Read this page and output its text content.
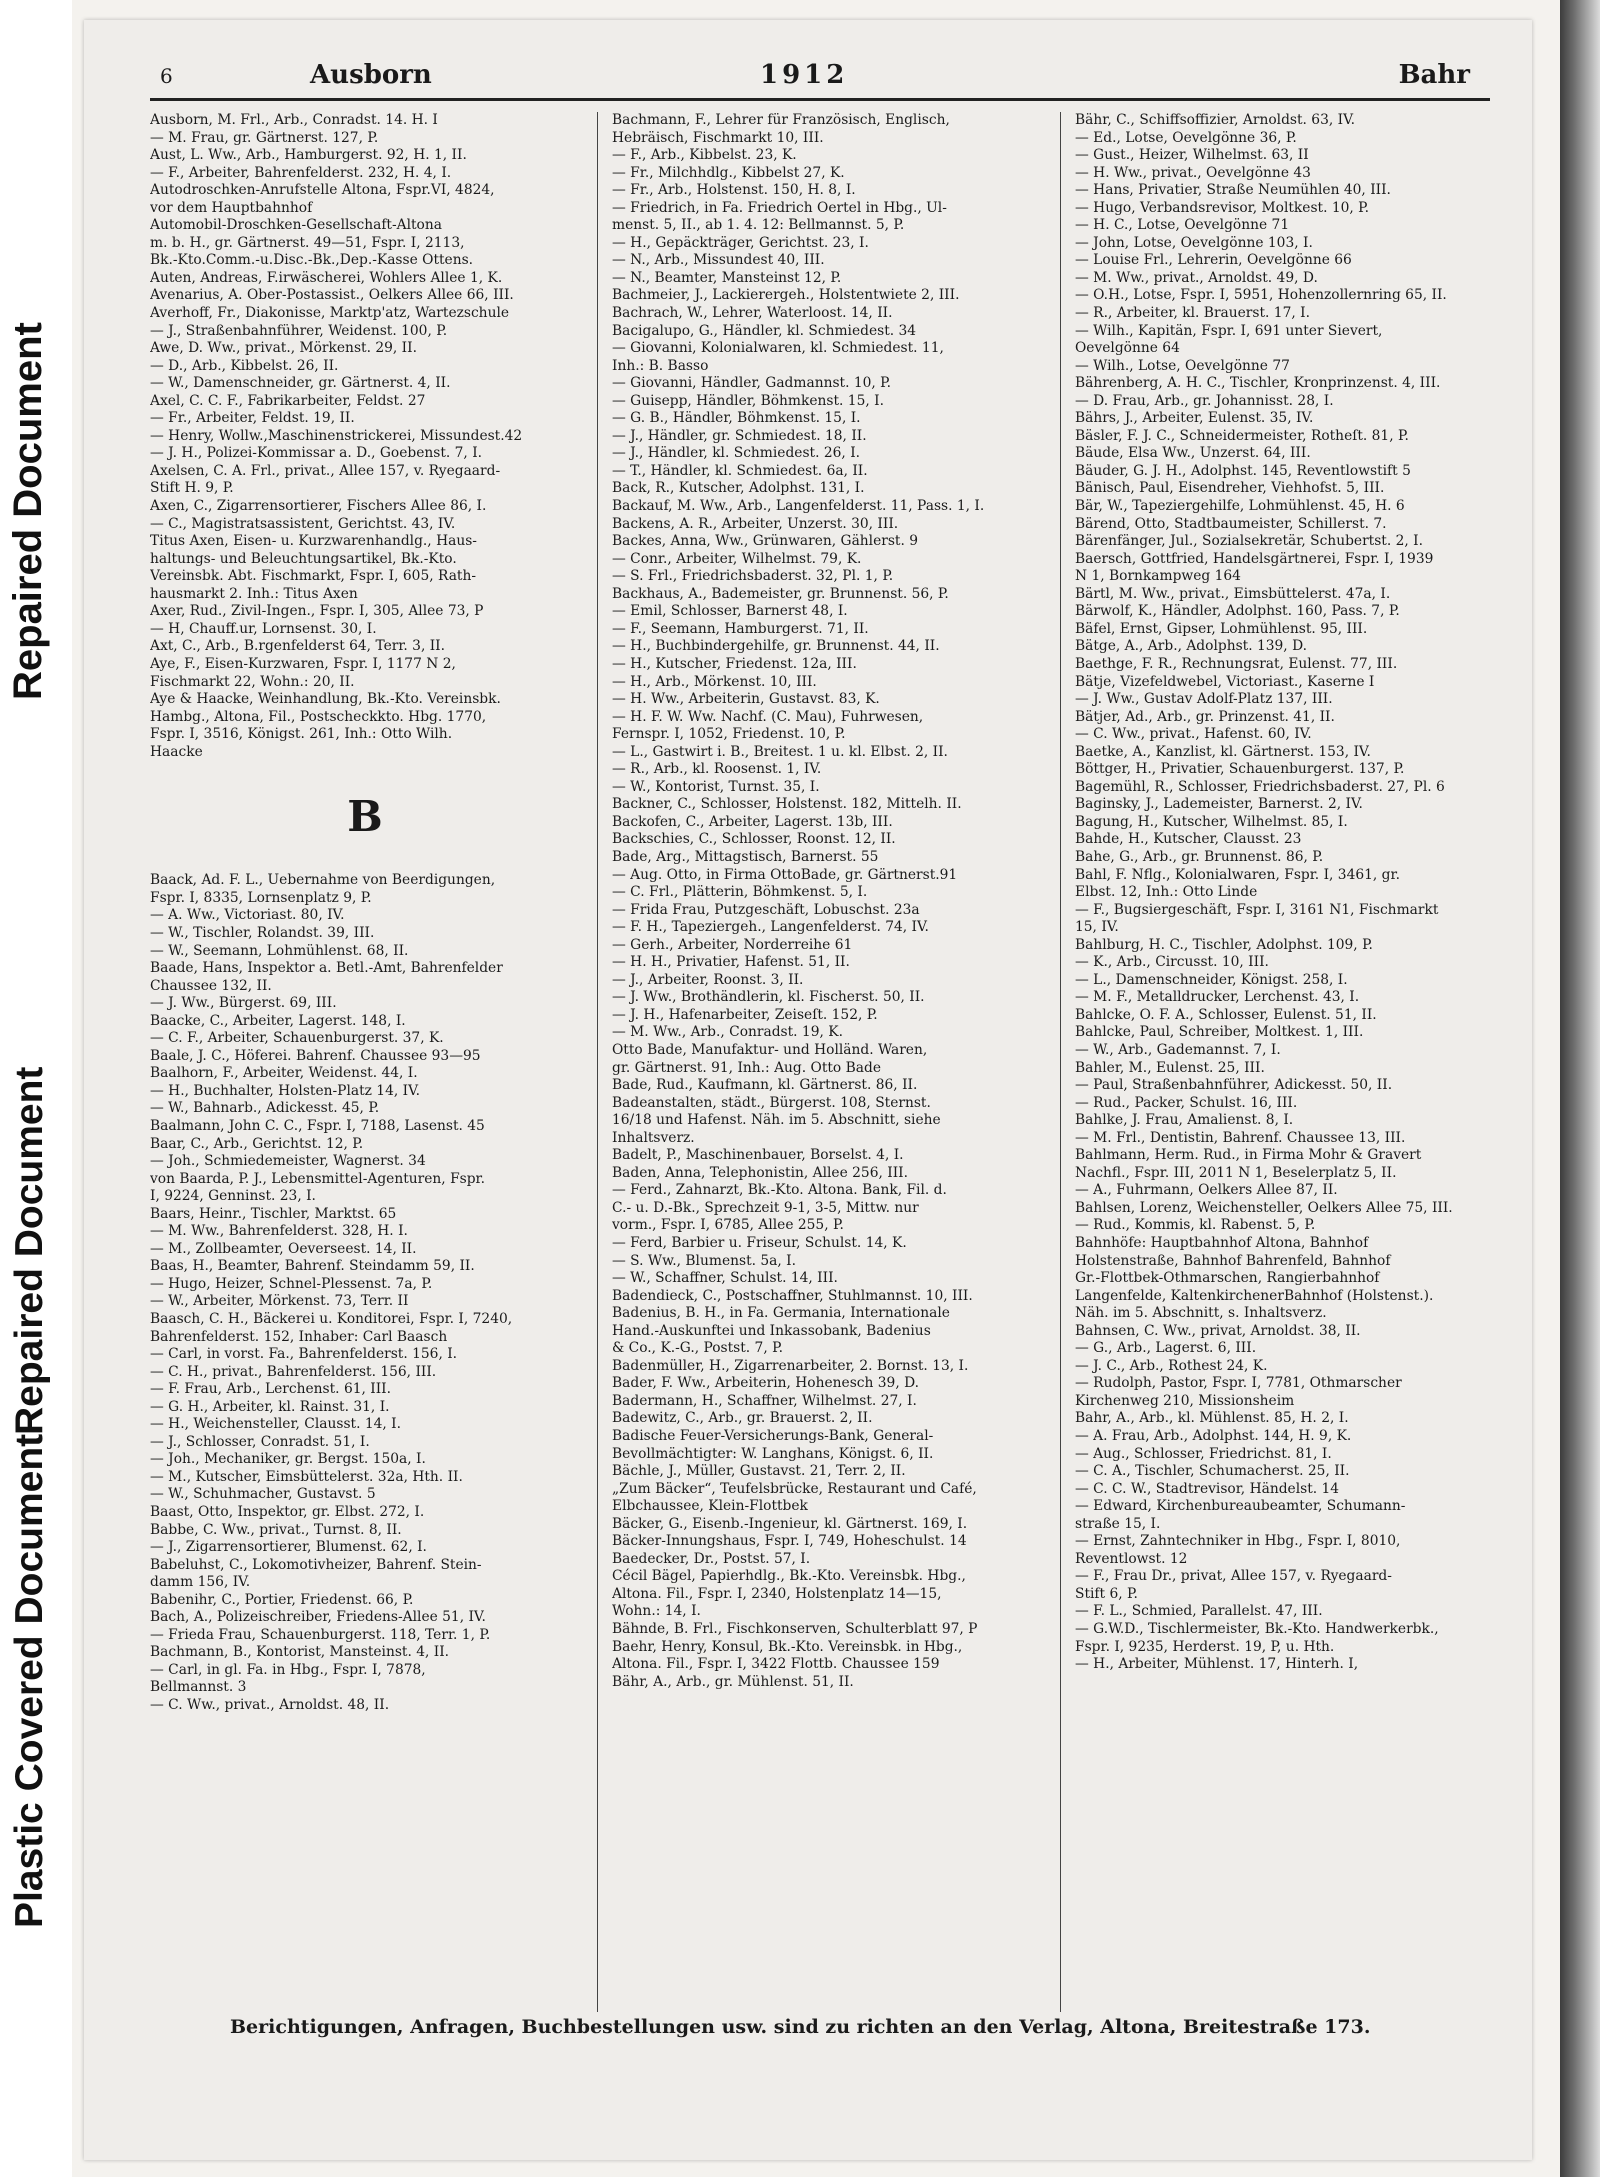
Plastic Covered Document
Repaired Document
Repaired Document
6	Ausborn	1912	Bahr
Ausborn, M. Frl., Arb., Conradst. 14. H. I
— M. Frau, gr. Gärtnerst. 127, P.
Aust, L. Ww., Arb., Hamburgerst. 92, H. 1, II.
— F., Arbeiter, Bahrenfelderst. 232, H. 4, I.
Autodroschken-Anrufstelle Altona, Fspr.VI, 4824,
vor dem Hauptbahnhof
Automobil-Droschken-Gesellschaft-Altona
m. b. H., gr. Gärtnerst. 49—51, Fspr. I, 2113,
Bk.-Kto.Comm.-u.Disc.-Bk.,Dep.-Kasse Ottens.
Auten, Andreas, F.irwäscherei, Wohlers Allee 1, K.
Avenarius, A. Ober-Postassist., Oelkers Allee 66, III.
Averhoff, Fr., Diakonisse, Marktp'atz, Wartezschule
— J., Straßenbahnführer, Weidenst. 100, P.
Awe, D. Ww., privat., Mörkenst. 29, II.
— D., Arb., Kibbelst. 26, II.
— W., Damenschneider, gr. Gärtnerst. 4, II.
Axel, C. C. F., Fabrikarbeiter, Feldst. 27
— Fr., Arbeiter, Feldst. 19, II.
— Henry, Wollw.,Maschinenstrickerei, Missundest.42
— J. H., Polizei-Kommissar a. D., Goebenst. 7, I.
Axelsen, C. A. Frl., privat., Allee 157, v. Ryegaard-
Stift H. 9, P.
Axen, C., Zigarrensortierer, Fischers Allee 86, I.
— C., Magistratsassistent, Gerichtst. 43, IV.
Titus Axen, Eisen- u. Kurzwarenhandlg., Haus-
haltungs- und Beleuchtungsartikel, Bk.-Kto.
Vereinsbk. Abt. Fischmarkt, Fspr. I, 605, Rath-
hausmarkt 2. Inh.: Titus Axen
Axer, Rud., Zivil-Ingen., Fspr. I, 305, Allee 73, P
— H, Chauff.ur, Lornsenst. 30, I.
Axt, C., Arb., B.rgenfelderst 64, Terr. 3, II.
Aye, F., Eisen-Kurzwaren, Fspr. I, 1177 N 2,
Fischmarkt 22, Wohn.: 20, II.
Aye & Haacke, Weinhandlung, Bk.-Kto. Vereinsbk.
Hambg., Altona, Fil., Postscheckkto. Hbg. 1770,
Fspr. I, 3516, Königst. 261, Inh.: Otto Wilh.
Haacke

B

Baack, Ad. F. L., Uebernahme von Beerdigungen,
Fspr. I, 8335, Lornsenplatz 9, P.
— A. Ww., Victoriast. 80, IV.
— W., Tischler, Rolandst. 39, III.
— W., Seemann, Lohmühlenst. 68, II.
Baade, Hans, Inspektor a. Betl.-Amt, Bahrenfelder
Chaussee 132, II.
— J. Ww., Bürgerst. 69, III.
Baacke, C., Arbeiter, Lagerst. 148, I.
— C. F., Arbeiter, Schauenburgerst. 37, K.
Baale, J. C., Höferei. Bahrenf. Chaussee 93—95
Baalhorn, F., Arbeiter, Weidenst. 44, I.
— H., Buchhalter, Holsten-Platz 14, IV.
— W., Bahnarb., Adickesst. 45, P.
Baalmann, John C. C., Fspr. I, 7188, Lasenst. 45
Baar, C., Arb., Gerichtst. 12, P.
— Joh., Schmiedemeister, Wagnerst. 34
von Baarda, P. J., Lebensmittel-Agenturen, Fspr.
I, 9224, Genninst. 23, I.
Baars, Heinr., Tischler, Marktst. 65
— M. Ww., Bahrenfelderst. 328, H. I.
— M., Zollbeamter, Oeverseest. 14, II.
Baas, H., Beamter, Bahrenf. Steindamm 59, II.
— Hugo, Heizer, Schnel-Plessenst. 7a, P.
— W., Arbeiter, Mörkenst. 73, Terr. II
Baasch, C. H., Bäckerei u. Konditorei, Fspr. I, 7240,
Bahrenfelderst. 152, Inhaber: Carl Baasch
— Carl, in vorst. Fa., Bahrenfelderst. 156, I.
— C. H., privat., Bahrenfelderst. 156, III.
— F. Frau, Arb., Lerchenst. 61, III.
— G. H., Arbeiter, kl. Rainst. 31, I.
— H., Weichensteller, Clausst. 14, I.
— J., Schlosser, Conradst. 51, I.
— Joh., Mechaniker, gr. Bergst. 150a, I.
— M., Kutscher, Eimsbüttelerst. 32a, Hth. II.
— W., Schuhmacher, Gustavst. 5
Baast, Otto, Inspektor, gr. Elbst. 272, I.
Babbe, C. Ww., privat., Turnst. 8, II.
— J., Zigarrensortierer, Blumenst. 62, I.
Babeluhst, C., Lokomotivheizer, Bahrenf. Stein-
damm 156, IV.
Babenihr, C., Portier, Friedenst. 66, P.
Bach, A., Polizeischreiber, Friedens-Allee 51, IV.
— Frieda Frau, Schauenburgerst. 118, Terr. 1, P.
Bachmann, B., Kontorist, Mansteinst. 4, II.
— Carl, in gl. Fa. in Hbg., Fspr. I, 7878,
Bellmannst. 3
— C. Ww., privat., Arnoldst. 48, II.
Bachmann, F., Lehrer für Französisch, Englisch,
Hebräisch, Fischmarkt 10, III.
— F., Arb., Kibbelst. 23, K.
— Fr., Milchhdlg., Kibbelst 27, K.
— Fr., Arb., Holstenst. 150, H. 8, I.
— Friedrich, in Fa. Friedrich Oertel in Hbg., Ul-
menst. 5, II., ab 1. 4. 12: Bellmannst. 5, P.
— H., Gepäckträger, Gerichtst. 23, I.
— N., Arb., Missundest 40, III.
— N., Beamter, Mansteinst 12, P.
Bachmeier, J., Lackierergeh., Holstentwiete 2, III.
Bachrach, W., Lehrer, Waterloost. 14, II.
Bacigalupo, G., Händler, kl. Schmiedest. 34
— Giovanni, Kolonialwaren, kl. Schmiedest. 11,
Inh.: B. Basso
— Giovanni, Händler, Gadmannst. 10, P.
— Guisepp, Händler, Böhmkenst. 15, I.
— G. B., Händler, Böhmkenst. 15, I.
— J., Händler, gr. Schmiedest. 18, II.
— J., Händler, kl. Schmiedest. 26, I.
— T., Händler, kl. Schmiedest. 6a, II.
Back, R., Kutscher, Adolphst. 131, I.
Backauf, M. Ww., Arb., Langenfelderst. 11, Pass. 1, I.
Backens, A. R., Arbeiter, Unzerst. 30, III.
Backes, Anna, Ww., Grünwaren, Gählerst. 9
— Conr., Arbeiter, Wilhelmst. 79, K.
— S. Frl., Friedrichsbaderst. 32, Pl. 1, P.
Backhaus, A., Bademeister, gr. Brunnenst. 56, P.
— Emil, Schlosser, Barnerst 48, I.
— F., Seemann, Hamburgerst. 71, II.
— H., Buchbindergehilfe, gr. Brunnenst. 44, II.
— H., Kutscher, Friedenst. 12a, III.
— H., Arb., Mörkenst. 10, III.
— H. Ww., Arbeiterin, Gustavst. 83, K.
— H. F. W. Ww. Nachf. (C. Mau), Fuhrwesen,
Fernspr. I, 1052, Friedenst. 10, P.
— L., Gastwirt i. B., Breitest. 1 u. kl. Elbst. 2, II.
— R., Arb., kl. Roosenst. 1, IV.
— W., Kontorist, Turnst. 35, I.
Backner, C., Schlosser, Holstenst. 182, Mittelh. II.
Backofen, C., Arbeiter, Lagerst. 13b, III.
Backschies, C., Schlosser, Roonst. 12, II.
Bade, Arg., Mittagstisch, Barnerst. 55
— Aug. Otto, in Firma OttoBade, gr. Gärtnerst.91
— C. Frl., Plätterin, Böhmkenst. 5, I.
— Frida Frau, Putzgeschäft, Lobuschst. 23a
— F. H., Tapeziergeh., Langenfelderst. 74, IV.
— Gerh., Arbeiter, Norderreihe 61
— H. H., Privatier, Hafenst. 51, II.
— J., Arbeiter, Roonst. 3, II.
— J. Ww., Brothändlerin, kl. Fischerst. 50, II.
— J. H., Hafenarbeiter, Zeiseſt. 152, P.
— M. Ww., Arb., Conradst. 19, K.
Otto Bade, Manufaktur- und Holländ. Waren,
gr. Gärtnerst. 91, Inh.: Aug. Otto Bade
Bade, Rud., Kaufmann, kl. Gärtnerst. 86, II.
Badeanstalten, städt., Bürgerst. 108, Sternst.
16/18 und Hafenst. Näh. im 5. Abschnitt, siehe
Inhaltsverz.
Badelt, P., Maschinenbauer, Borselst. 4, I.
Baden, Anna, Telephonistin, Allee 256, III.
— Ferd., Zahnarzt, Bk.-Kto. Altona. Bank, Fil. d.
C.- u. D.-Bk., Sprechzeit 9-1, 3-5, Mittw. nur
vorm., Fspr. I, 6785, Allee 255, P.
— Ferd, Barbier u. Friseur, Schulst. 14, K.
— S. Ww., Blumenst. 5a, I.
— W., Schaffner, Schulst. 14, III.
Badendieck, C., Postschaffner, Stuhlmannst. 10, III.
Badenius, B. H., in Fa. Germania, Internationale
Hand.-Auskunftei und Inkassobank, Badenius
& Co., K.-G., Postst. 7, P.
Badenmüller, H., Zigarrenarbeiter, 2. Bornst. 13, I.
Bader, F. Ww., Arbeiterin, Hohenesch 39, D.
Badermann, H., Schaffner, Wilhelmst. 27, I.
Badewitz, C., Arb., gr. Brauerst. 2, II.
Badische Feuer-Versicherungs-Bank, General-
Bevollmächtigter: W. Langhans, Königst. 6, II.
Bächle, J., Müller, Gustavst. 21, Terr. 2, II.
„Zum Bäcker“, Teufelsbrücke, Restaurant und Café,
Elbchaussee, Klein-Flottbek
Bäcker, G., Eisenb.-Ingenieur, kl. Gärtnerst. 169, I.
Bäcker-Innungshaus, Fspr. I, 749, Hoheschulst. 14
Baedecker, Dr., Postst. 57, I.
Cécil Bägel, Papierhdlg., Bk.-Kto. Vereinsbk. Hbg.,
Altona. Fil., Fspr. I, 2340, Holstenplatz 14—15,
Wohn.: 14, I.
Bähnde, B. Frl., Fischkonserven, Schulterblatt 97, P
Baehr, Henry, Konsul, Bk.-Kto. Vereinsbk. in Hbg.,
Altona. Fil., Fspr. I, 3422 Flottb. Chaussee 159
Bähr, A., Arb., gr. Mühlenst. 51, II.
Bähr, C., Schiffsoffizier, Arnoldst. 63, IV.
— Ed., Lotse, Oevelgönne 36, P.
— Gust., Heizer, Wilhelmst. 63, II
— H. Ww., privat., Oevelgönne 43
— Hans, Privatier, Straße Neumühlen 40, III.
— Hugo, Verbandsrevisor, Moltkest. 10, P.
— H. C., Lotse, Oevelgönne 71
— John, Lotse, Oevelgönne 103, I.
— Louise Frl., Lehrerin, Oevelgönne 66
— M. Ww., privat., Arnoldst. 49, D.
— O.H., Lotse, Fspr. I, 5951, Hohenzollernring 65, II.
— R., Arbeiter, kl. Brauerst. 17, I.
— Wilh., Kapitän, Fspr. I, 691 unter Sievert,
Oevelgönne 64
— Wilh., Lotse, Oevelgönne 77
Bährenberg, A. H. C., Tischler, Kronprinzenst. 4, III.
— D. Frau, Arb., gr. Johannisst. 28, I.
Bährs, J., Arbeiter, Eulenst. 35, IV.
Bäsler, F. J. C., Schneidermeister, Rotheſt. 81, P.
Bäude, Elsa Ww., Unzerst. 64, III.
Bäuder, G. J. H., Adolphst. 145, Reventlowstift 5
Bänisch, Paul, Eisendreher, Viehhofst. 5, III.
Bär, W., Tapeziergehilfe, Lohmühlenst. 45, H. 6
Bärend, Otto, Stadtbaumeister, Schillerst. 7.
Bärenfänger, Jul., Sozialsekretär, Schubertst. 2, I.
Baersch, Gottfried, Handelsgärtnerei, Fspr. I, 1939
N 1, Bornkampweg 164
Bärtl, M. Ww., privat., Eimsbüttelerst. 47a, I.
Bärwolf, K., Händler, Adolphst. 160, Pass. 7, P.
Bäfel, Ernst, Gipser, Lohmühlenst. 95, III.
Bätge, A., Arb., Adolphst. 139, D.
Baethge, F. R., Rechnungsrat, Eulenst. 77, III.
Bätje, Vizefeldwebel, Victoriast., Kaserne I
— J. Ww., Gustav Adolf-Platz 137, III.
Bätjer, Ad., Arb., gr. Prinzenst. 41, II.
— C. Ww., privat., Hafenst. 60, IV.
Baetke, A., Kanzlist, kl. Gärtnerst. 153, IV.
Böttger, H., Privatier, Schauenburgerst. 137, P.
Bagemühl, R., Schlosser, Friedrichsbaderst. 27, Pl. 6
Baginsky, J., Lademeister, Barnerst. 2, IV.
Bagung, H., Kutscher, Wilhelmst. 85, I.
Bahde, H., Kutscher, Clausst. 23
Bahe, G., Arb., gr. Brunnenst. 86, P.
Bahl, F. Nflg., Kolonialwaren, Fspr. I, 3461, gr.
Elbst. 12, Inh.: Otto Linde
— F., Bugsiergeschäft, Fspr. I, 3161 N1, Fischmarkt
15, IV.
Bahlburg, H. C., Tischler, Adolphst. 109, P.
— K., Arb., Circusst. 10, III.
— L., Damenschneider, Königst. 258, I.
— M. F., Metalldrucker, Lerchenst. 43, I.
Bahlcke, O. F. A., Schlosser, Eulenst. 51, II.
Bahlcke, Paul, Schreiber, Moltkest. 1, III.
— W., Arb., Gademannst. 7, I.
Bahler, M., Eulenst. 25, III.
— Paul, Straßenbahnführer, Adickesst. 50, II.
— Rud., Packer, Schulst. 16, III.
Bahlke, J. Frau, Amalienst. 8, I.
— M. Frl., Dentistin, Bahrenf. Chaussee 13, III.
Bahlmann, Herm. Rud., in Firma Mohr & Gravert
Nachfl., Fspr. III, 2011 N 1, Beselerplatz 5, II.
— A., Fuhrmann, Oelkers Allee 87, II.
Bahlsen, Lorenz, Weichensteller, Oelkers Allee 75, III.
— Rud., Kommis, kl. Rabenst. 5, P.
Bahnhöfe: Hauptbahnhof Altona, Bahnhof
Holstenstraße, Bahnhof Bahrenfeld, Bahnhof
Gr.-Flottbek-Othmarschen, Rangierbahnhof
Langenfelde, KaltenkirchenerBahnhof (Holstenst.).
Näh. im 5. Abschnitt, s. Inhaltsverz.
Bahnsen, C. Ww., privat, Arnoldst. 38, II.
— G., Arb., Lagerst. 6, III.
— J. C., Arb., Rothest 24, K.
— Rudolph, Pastor, Fspr. I, 7781, Othmarscher
Kirchenweg 210, Missionsheim
Bahr, A., Arb., kl. Mühlenst. 85, H. 2, I.
— A. Frau, Arb., Adolphst. 144, H. 9, K.
— Aug., Schlosser, Friedrichst. 81, I.
— C. A., Tischler, Schumacherst. 25, II.
— C. C. W., Stadtrevisor, Händelst. 14
— Edward, Kirchenbureaubeamter, Schumann-
straße 15, I.
— Ernst, Zahntechniker in Hbg., Fspr. I, 8010,
Reventlowst. 12
— F., Frau Dr., privat, Allee 157, v. Ryegaard-
Stift 6, P.
— F. L., Schmied, Parallelst. 47, III.
— G.W.D., Tischlermeister, Bk.-Kto. Handwerkerbk.,
Fspr. I, 9235, Herderst. 19, P, u. Hth.
— H., Arbeiter, Mühlenst. 17, Hinterh. I,
Berichtigungen, Anfragen, Buchbestellungen usw. sind zu richten an den Verlag, Altona, Breitestraße 173.
